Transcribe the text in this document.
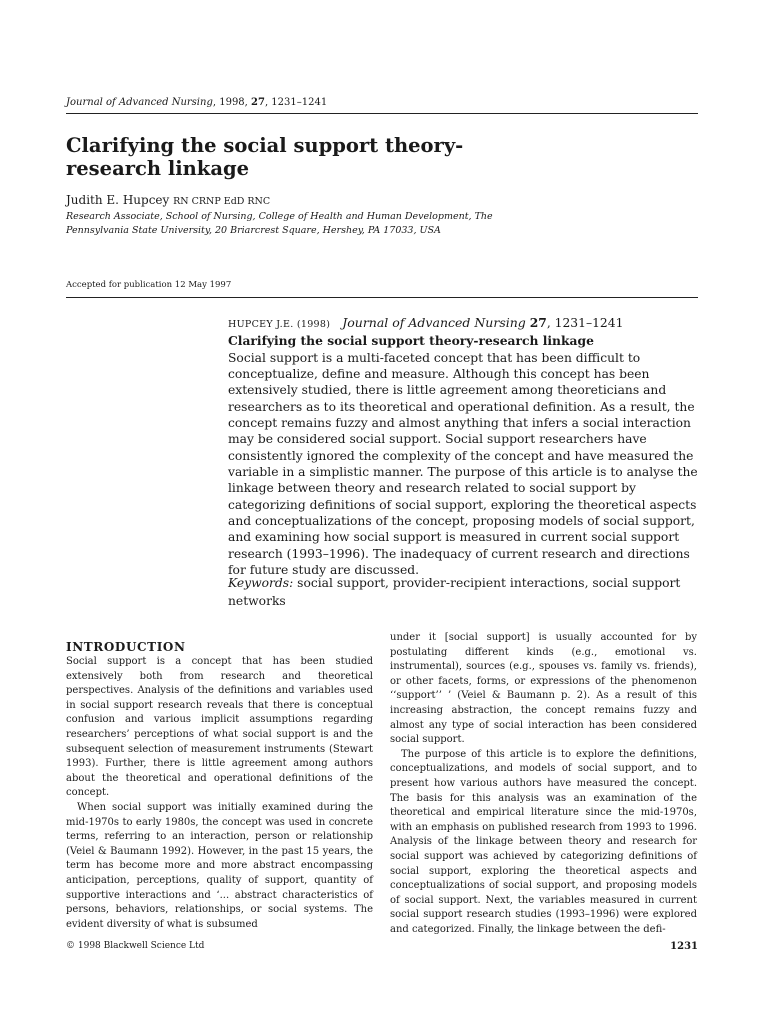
Journal of Advanced Nursing, 1998, 27, 1231–1241
Clarifying the social support theory-research linkage
Judith E. Hupcey RN CRNP EdD RNC
Research Associate, School of Nursing, College of Health and Human Development, The Pennsylvania State University, 20 Briarcrest Square, Hershey, PA 17033, USA
Accepted for publication 12 May 1997
HUPCEY J.E. (1998) Journal of Advanced Nursing 27, 1231–1241
Clarifying the social support theory-research linkage
Social support is a multi-faceted concept that has been difficult to conceptualize, define and measure. Although this concept has been extensively studied, there is little agreement among theoreticians and researchers as to its theoretical and operational definition. As a result, the concept remains fuzzy and almost anything that infers a social interaction may be considered social support. Social support researchers have consistently ignored the complexity of the concept and have measured the variable in a simplistic manner. The purpose of this article is to analyse the linkage between theory and research related to social support by categorizing definitions of social support, exploring the theoretical aspects and conceptualizations of the concept, proposing models of social support, and examining how social support is measured in current social support research (1993–1996). The inadequacy of current research and directions for future study are discussed.
Keywords: social support, provider-recipient interactions, social support networks
INTRODUCTION

Social support is a concept that has been studied extensively both from research and theoretical perspectives. Analysis of the definitions and variables used in social support research reveals that there is conceptual confusion and various implicit assumptions regarding researchers’ perceptions of what social support is and the subsequent selection of measurement instruments (Stewart 1993). Further, there is little agreement among authors about the theoretical and operational definitions of the concept.

When social support was initially examined during the mid-1970s to early 1980s, the concept was used in concrete terms, referring to an interaction, person or relationship (Veiel & Baumann 1992). However, in the past 15 years, the term has become more and more abstract encompassing anticipation, perceptions, quality of support, quantity of supportive interactions and ‘... abstract characteristics of persons, behaviors, relationships, or social systems. The evident diversity of what is subsumed

under it [social support] is usually accounted for by postulating different kinds (e.g., emotional vs. instrumental), sources (e.g., spouses vs. family vs. friends), or other facets, forms, or expressions of the phenomenon ‘‘support’’ ’ (Veiel & Baumann p. 2). As a result of this increasing abstraction, the concept remains fuzzy and almost any type of social interaction has been considered social support.

The purpose of this article is to explore the definitions, conceptualizations, and models of social support, and to present how various authors have measured the concept. The basis for this analysis was an examination of the theoretical and empirical literature since the mid-1970s, with an emphasis on published research from 1993 to 1996. Analysis of the linkage between theory and research for social support was achieved by categorizing definitions of social support, exploring the theoretical aspects and conceptualizations of social support, and proposing models of social support. Next, the variables measured in current social support research studies (1993–1996) were explored and categorized. Finally, the linkage between the defi-

© 1998 Blackwell Science Ltd	1231
